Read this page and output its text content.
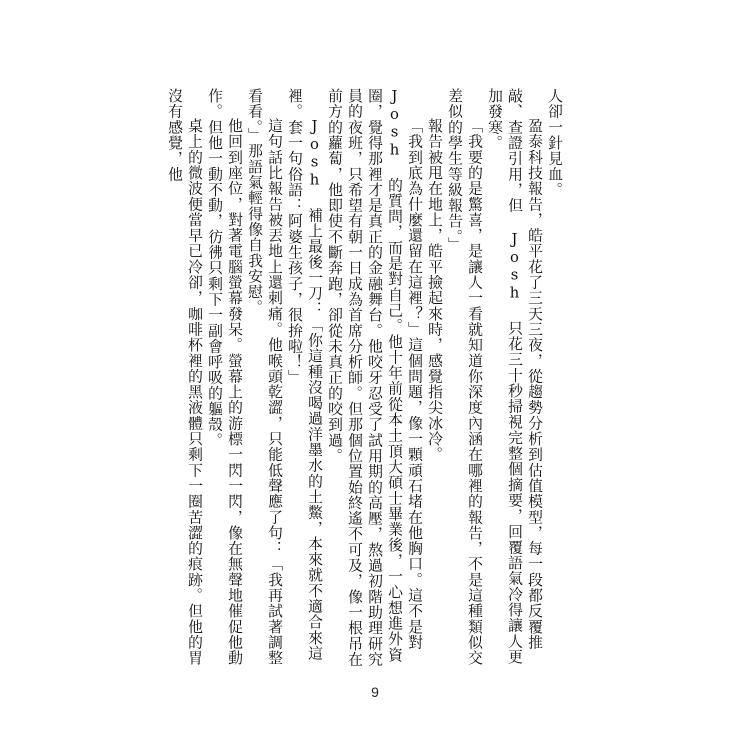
人卻一針見血。

盈泰科技報告，皓平花了三天三夜，從趨勢分析到估值模型，每一段都反覆推敲、查證引用，但 Josh 只花三十秒掃視完整個摘要，回覆語氣冷得讓人更加發寒。

「我要的是驚喜，是讓人一看就知道你深度內涵在哪裡的報告，不是這種類似交差似的學生等級報告。」

報告被甩在地上，皓平撿起來時，感覺指尖冰冷。

「我到底為什麼還留在這裡？」這個問題，像一顆頑石堵在他胸口。這不是對 Josh 的質問，而是對自己。他十年前從本土頂大碩士畢業後，一心想進外資圈，覺得那裡才是真正的金融舞台。他咬牙忍受了試用期的高壓，熬過初階助理研究員的夜班，只希望有朝一日成為首席分析師。但那個位置始終遙不可及，像一根吊在前方的蘿蔔，他即使不斷奔跑，卻從未真正的咬到過。

Josh 補上最後一刀：「你這種沒喝過洋墨水的土鱉，本來就不適合來這裡。套一句俗語：阿婆生孩子，很拚啦！」

這句話比報告被丟地上還刺痛。他喉頭乾澀，只能低聲應了句：「我再試著調整看看。」那語氣輕得像自我安慰。

他回到座位，對著電腦螢幕發呆。螢幕上的游標一閃一閃，像在無聲地催促他動作。但他一動不動，彷彿只剩下一副會呼吸的軀殼。

桌上的微波便當早已冷卻，咖啡杯裡的黑液體只剩下一圈苦澀的痕跡。但他的胃沒有感覺，他

9
